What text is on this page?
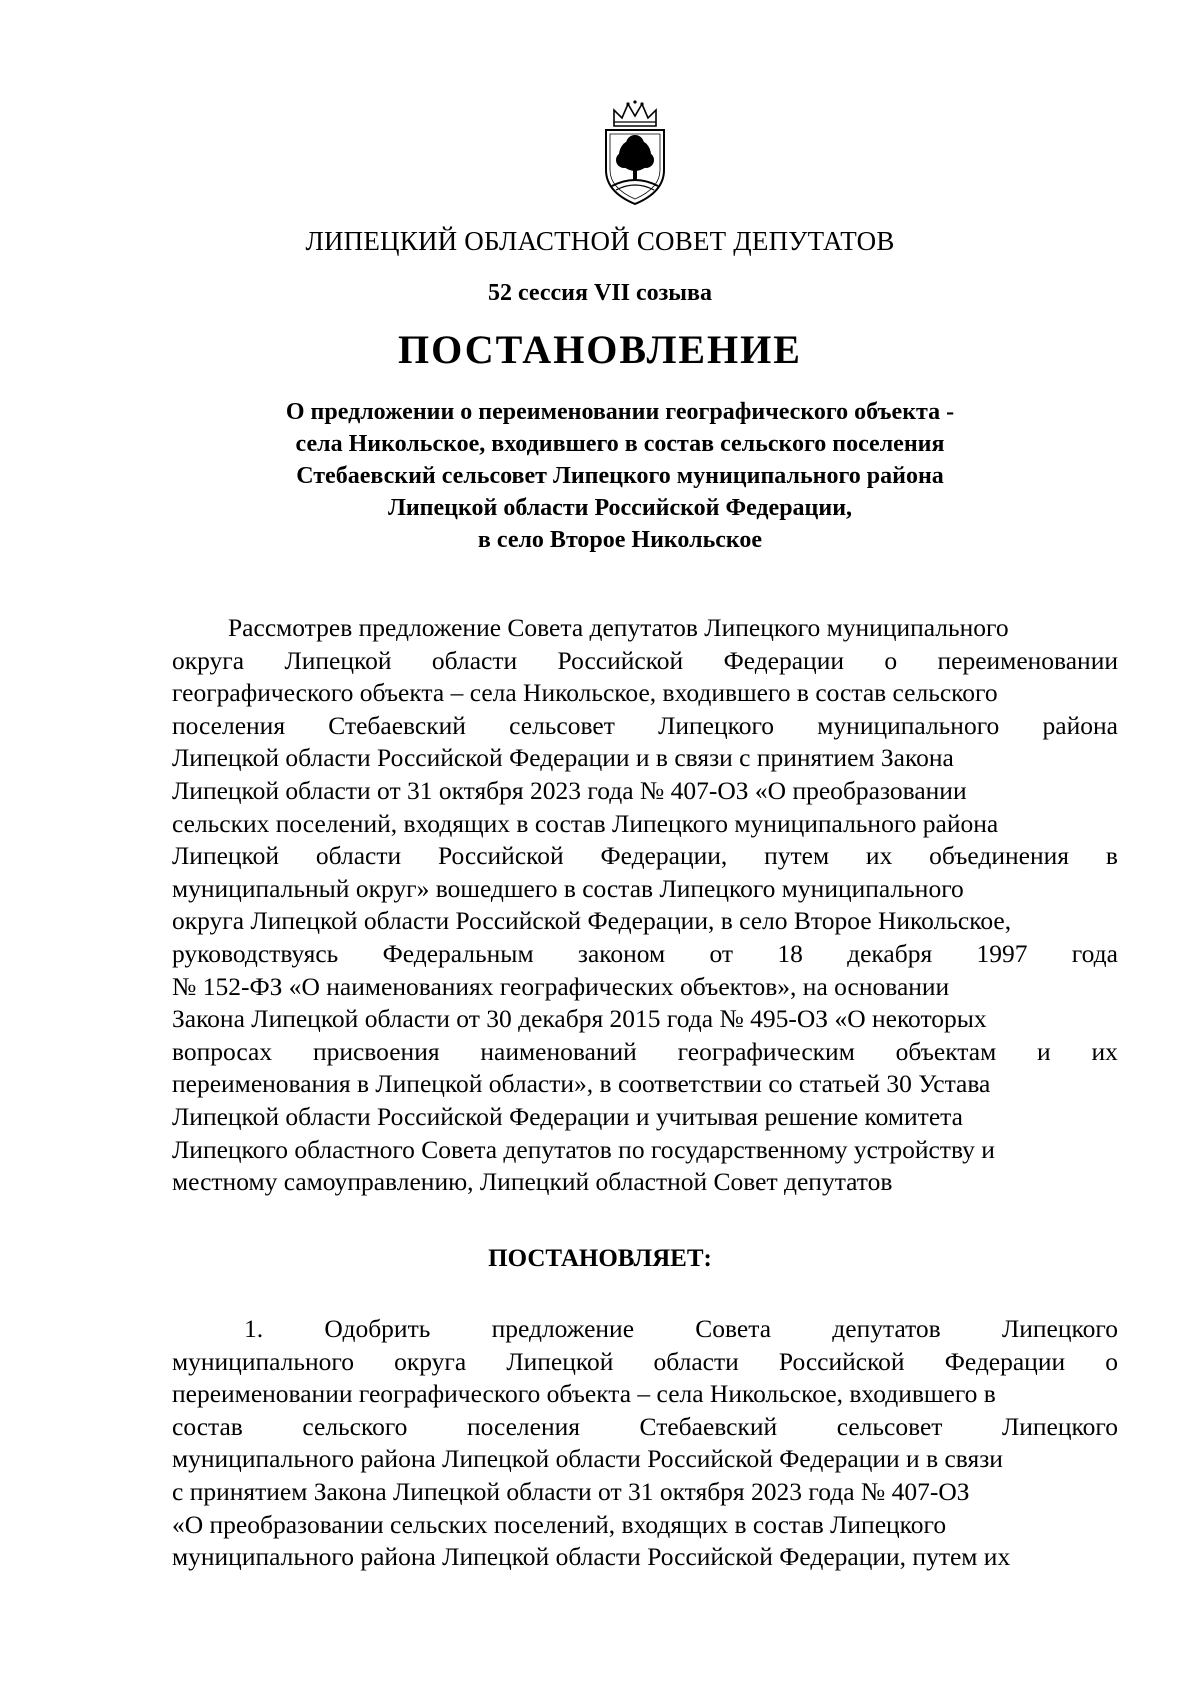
ЛИПЕЦКИЙ ОБЛАСТНОЙ СОВЕТ ДЕПУТАТОВ
52 сессия VII созыва
ПОСТАНОВЛЕНИЕ
О предложении о переименовании географического объекта -
села Никольское, входившего в состав сельского поселения
Стебаевский сельсовет Липецкого муниципального района
Липецкой области Российской Федерации,
в село Второе Никольское
Рассмотрев предложение Совета депутатов Липецкого муниципального
округа Липецкой области Российской Федерации о переименовании
географического объекта – села Никольское, входившего в состав сельского
поселения Стебаевский сельсовет Липецкого муниципального района
Липецкой области Российской Федерации и в связи с принятием Закона
Липецкой области от 31 октября 2023 года № 407-ОЗ «О преобразовании
сельских поселений, входящих в состав Липецкого муниципального района
Липецкой области Российской Федерации, путем их объединения в
муниципальный округ» вошедшего в состав Липецкого муниципального
округа Липецкой области Российской Федерации, в село Второе Никольское,
руководствуясь Федеральным законом от 18 декабря 1997 года
№ 152-ФЗ «О наименованиях географических объектов», на основании
Закона Липецкой области от 30 декабря 2015 года № 495-ОЗ «О некоторых
вопросах присвоения наименований географическим объектам и их
переименования в Липецкой области», в соответствии со статьей 30 Устава
Липецкой области Российской Федерации и учитывая решение комитета
Липецкого областного Совета депутатов по государственному устройству и
местному самоуправлению, Липецкий областной Совет депутатов
ПОСТАНОВЛЯЕТ:
1. Одобрить предложение Совета депутатов Липецкого
муниципального округа Липецкой области Российской Федерации о
переименовании географического объекта – села Никольское, входившего в
состав сельского поселения Стебаевский сельсовет Липецкого
муниципального района Липецкой области Российской Федерации и в связи
с принятием Закона Липецкой области от 31 октября 2023 года № 407-ОЗ
«О преобразовании сельских поселений, входящих в состав Липецкого
муниципального района Липецкой области Российской Федерации, путем их
